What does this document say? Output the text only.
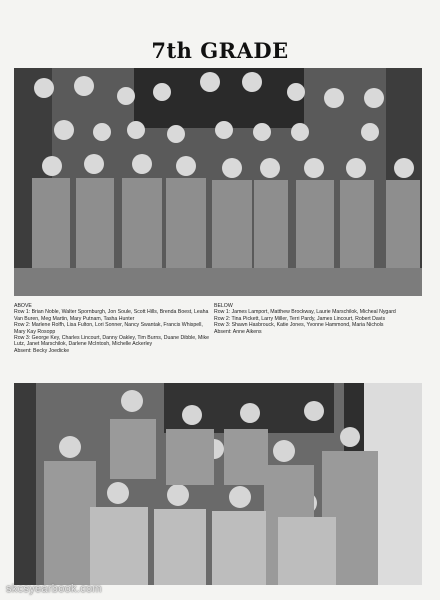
7th GRADE
ABOVE
Row 1: Brian Noble, Walter Spornburgh, Jon Soule, Scott Hills, Brenda Boest, Leaha Van Buren, Meg Martin, Mary Putnam, Tasha Hunter
Row 2: Marlene Rolfh, Lisa Fulton, Lori Sonner, Nancy Swantak, Francis Whispell, Mary Kay Rosopp
Row 3: George Key, Charles Lincourt, Danny Oakley, Tim Burns, Duane Dibble, Mike Lutz, Janet Marschilok, Darlene McIntosh, Michelle Ackerley
Absent: Becky Joedicke
BELOW
Row 1: James Lamport, Matthew Brockway, Laurie Marschilok, Micheal Nygard
Row 2: Tina Pickett, Larry Miller, Terri Pardy, James Lincourt, Robert Davis
Row 3: Shawn Hasbrouck, Katie Jones, Yvonne Hammond, Maria Nichols
Absent: Anne Aikens
skcsyearbook.com
